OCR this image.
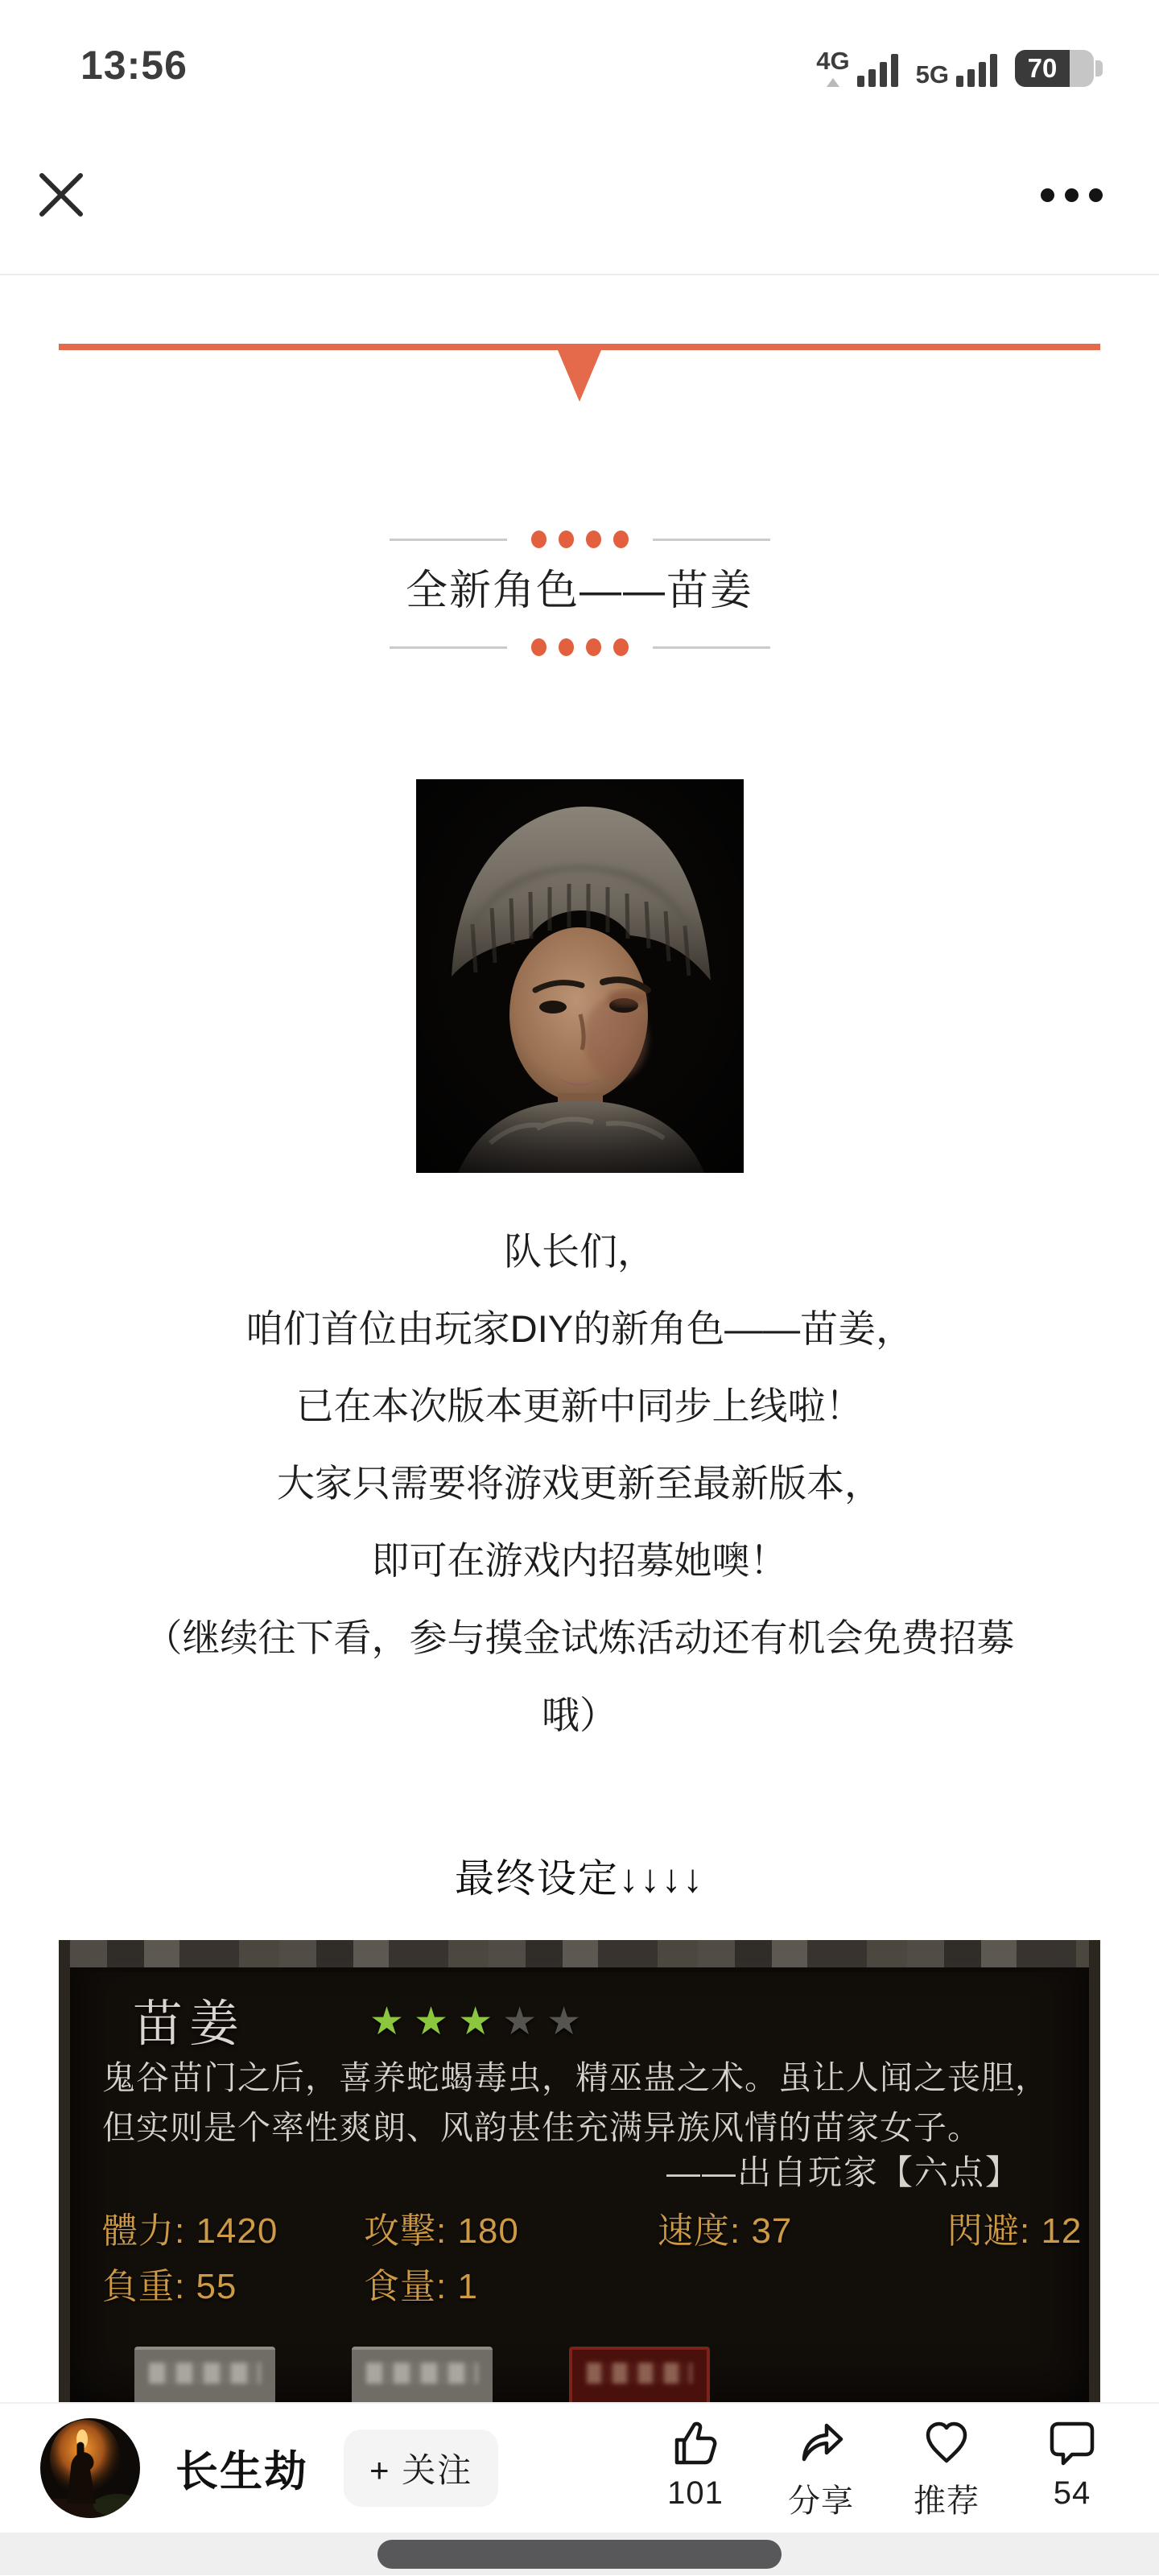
13:56	4G	5G	70
全新角色——苗姜
队长们，
咱们首位由玩家DIY的新角色——苗姜，
已在本次版本更新中同步上线啦！
大家只需要将游戏更新至最新版本，
即可在游戏内招募她噢！
（继续往下看，参与摸金试炼活动还有机会免费招募
哦）
最终设定↓↓↓↓
苗姜	★★★★★
鬼谷苗门之后，喜养蛇蝎毒虫，精巫蛊之术。虽让人闻之丧胆，
但实则是个率性爽朗、风韵甚佳充满异族风情的苗家女子。
——出自玩家【六点】
體力: 1420	攻擊: 180	速度: 37	閃避: 12
負重: 55	食量: 1
长生劫	+ 关注
101 分享 推荐 54
